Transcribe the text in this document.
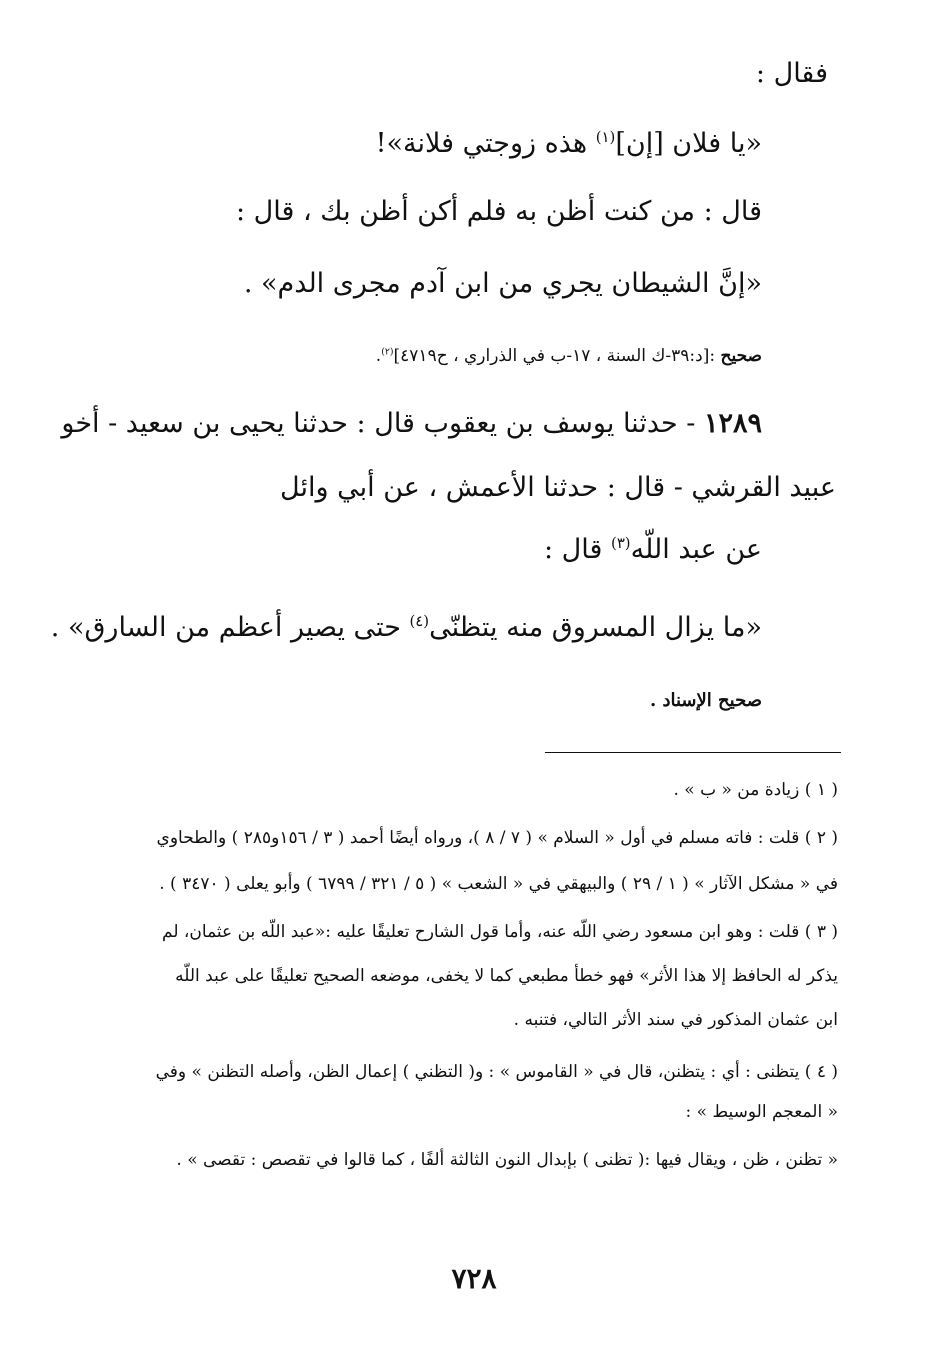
فقال :
«يا فلان [إن]$^{(١)}$ هذه زوجتي فلانة»!
قال : من كنت أظن به فلم أكن أظن بك ، قال :
«إنَّ الشيطان يجري من ابن آدم مجرى الدم» .
صحيح :[د:٣٩-ك السنة ، ١٧-ب في الذراري ، ح٤٧١٩]$^{(٢)}$.
١٢٨٩ - حدثنا يوسف بن يعقوب قال : حدثنا يحيى بن سعيد - أخو
عبيد القرشي - قال : حدثنا الأعمش ، عن أبي وائل
عن عبد اللّه$^{(٣)}$ قال :
«ما يزال المسروق منه يتظنّى$^{(٤)}$ حتى يصير أعظم من السارق» .
صحيح الإسناد .
( ١ ) زيادة من « ب » .
( ٢ ) قلت : فاته مسلم في أول « السلام » ( ٧ / ٨ )، ورواه أيضًا أحمد ( ٣ / ١٥٦و٢٨٥ ) والطحاوي
في « مشكل الآثار » ( ١ / ٢٩ ) والبيهقي في « الشعب » ( ٥ / ٣٢١ / ٦٧٩٩ ) وأبو يعلى ( ٣٤٧٠ ) .
( ٣ ) قلت : وهو ابن مسعود رضي اللّه عنه، وأما قول الشارح تعليقًا عليه :«عبد اللّه بن عثمان، لم
يذكر له الحافظ إلا هذا الأثر» فهو خطأ مطبعي كما لا يخفى، موضعه الصحيح تعليقًا على عبد اللّه
ابن عثمان المذكور في سند الأثر التالي، فتنبه .
( ٤ ) يتظنى : أي : يتظنن، قال في « القاموس » : و( التظني ) إعمال الظن، وأصله التظنن » وفي
« المعجم الوسيط » :
« تظنن ، ظن ، ويقال فيها :( تظنى ) بإبدال النون الثالثة ألفًا ، كما قالوا في تقصص : تقصى » .
٧٢٨
